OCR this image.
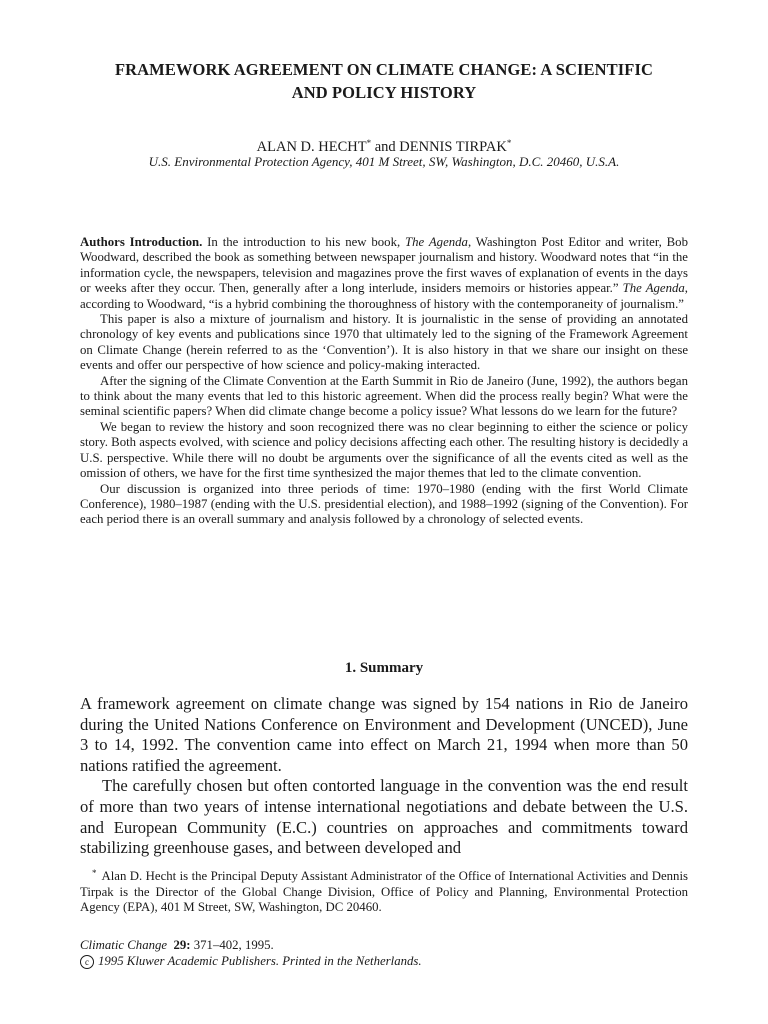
FRAMEWORK AGREEMENT ON CLIMATE CHANGE: A SCIENTIFIC
AND POLICY HISTORY
ALAN D. HECHT* and DENNIS TIRPAK*
U.S. Environmental Protection Agency, 401 M Street, SW, Washington, D.C. 20460, U.S.A.

Authors Introduction. In the introduction to his new book, The Agenda, Washington Post Editor and writer, Bob Woodward, described the book as something between newspaper journalism and history. Woodward notes that “in the information cycle, the newspapers, television and magazines prove the first waves of explanation of events in the days or weeks after they occur. Then, generally after a long interlude, insiders memoirs or histories appear.” The Agenda, according to Woodward, “is a hybrid combining the thoroughness of history with the contemporaneity of journalism.”

This paper is also a mixture of journalism and history. It is journalistic in the sense of providing an annotated chronology of key events and publications since 1970 that ultimately led to the signing of the Framework Agreement on Climate Change (herein referred to as the ‘Convention’). It is also history in that we share our insight on these events and offer our perspective of how science and policy-making interacted.

After the signing of the Climate Convention at the Earth Summit in Rio de Janeiro (June, 1992), the authors began to think about the many events that led to this historic agreement. When did the process really begin? What were the seminal scientific papers? When did climate change become a policy issue? What lessons do we learn for the future?

We began to review the history and soon recognized there was no clear beginning to either the science or policy story. Both aspects evolved, with science and policy decisions affecting each other. The resulting history is decidedly a U.S. perspective. While there will no doubt be arguments over the significance of all the events cited as well as the omission of others, we have for the first time synthesized the major themes that led to the climate convention.

Our discussion is organized into three periods of time: 1970–1980 (ending with the first World Climate Conference), 1980–1987 (ending with the U.S. presidential election), and 1988–1992 (signing of the Convention). For each period there is an overall summary and analysis followed by a chronology of selected events.

1. Summary

A framework agreement on climate change was signed by 154 nations in Rio de Janeiro during the United Nations Conference on Environment and Development (UNCED), June 3 to 14, 1992. The convention came into effect on March 21, 1994 when more than 50 nations ratified the agreement.

The carefully chosen but often contorted language in the convention was the end result of more than two years of intense international negotiations and debate between the U.S. and European Community (E.C.) countries on approaches and commitments toward stabilizing greenhouse gases, and between developed and

* Alan D. Hecht is the Principal Deputy Assistant Administrator of the Office of International Activities and Dennis Tirpak is the Director of the Global Change Division, Office of Policy and Planning, Environmental Protection Agency (EPA), 401 M Street, SW, Washington, DC 20460.
Climatic Change 29: 371–402, 1995.
c 1995 Kluwer Academic Publishers. Printed in the Netherlands.
